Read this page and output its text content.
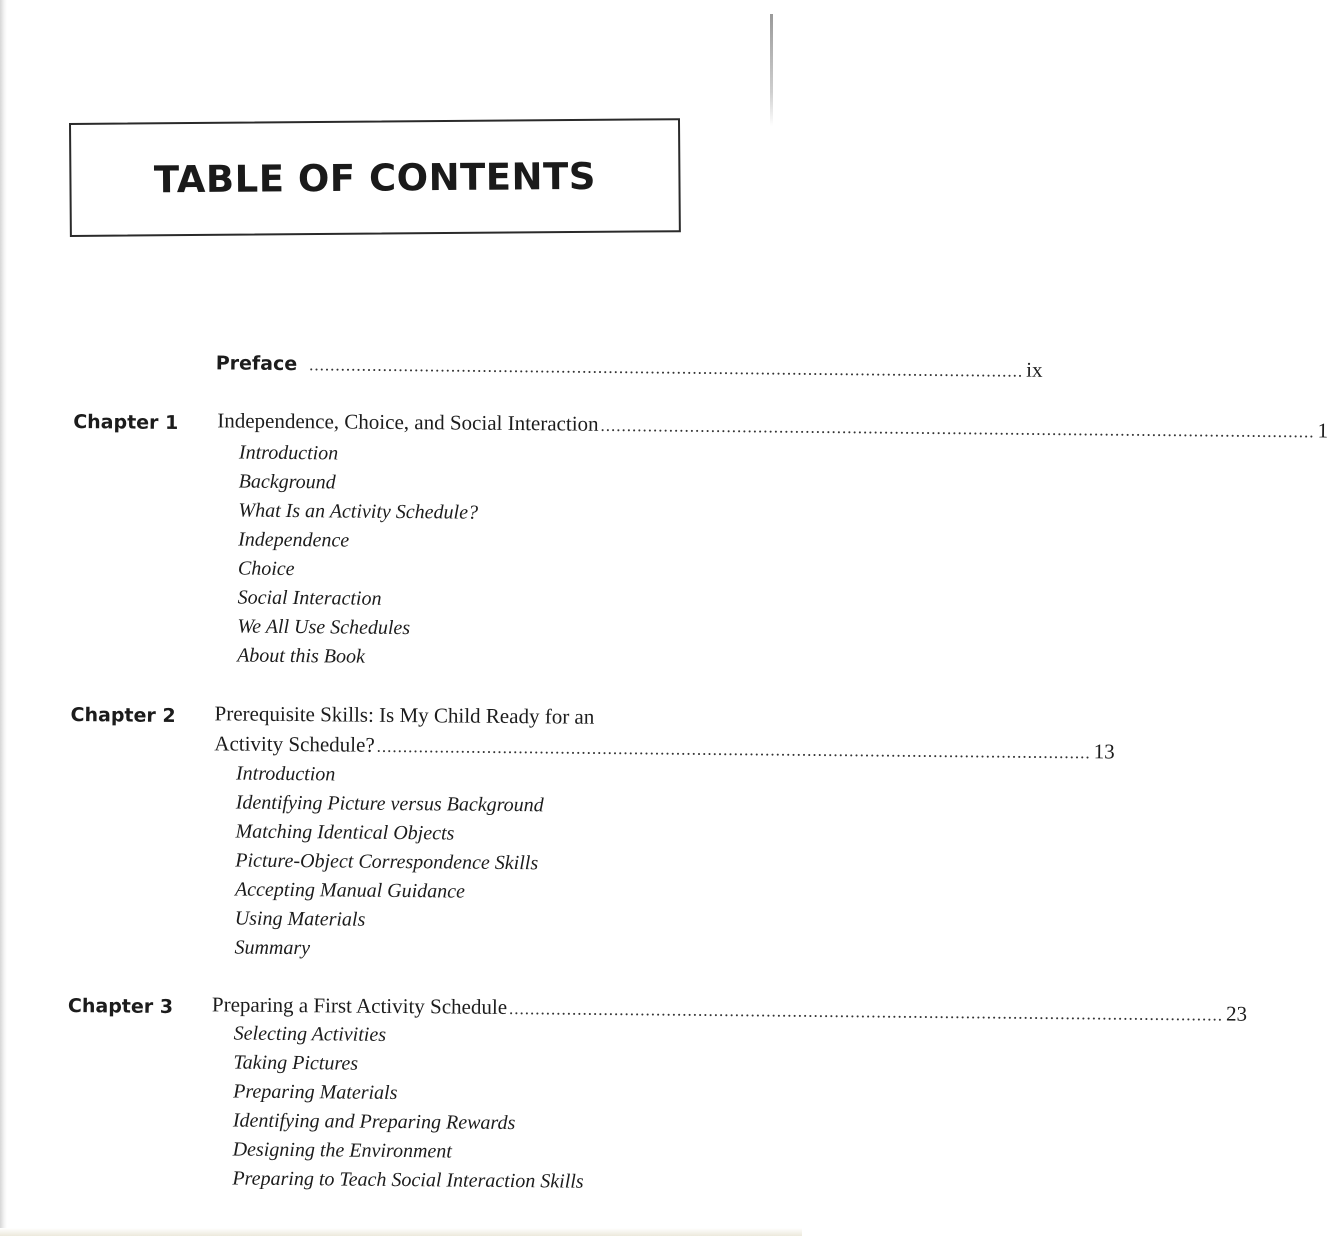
TABLE OF CONTENTS
Preface ........................................................................................................................................ ix
Chapter 1 Independence, Choice, and Social Interaction ........................................................................................................................................ 1
Introduction
Background
What Is an Activity Schedule?
Independence
Choice
Social Interaction
We All Use Schedules
About this Book
Chapter 2 Prerequisite Skills: Is My Child Ready for an
Activity Schedule? ........................................................................................................................................ 13
Introduction
Identifying Picture versus Background
Matching Identical Objects
Picture-Object Correspondence Skills
Accepting Manual Guidance
Using Materials
Summary
Chapter 3 Preparing a First Activity Schedule ........................................................................................................................................ 23
Selecting Activities
Taking Pictures
Preparing Materials
Identifying and Preparing Rewards
Designing the Environment
Preparing to Teach Social Interaction Skills
